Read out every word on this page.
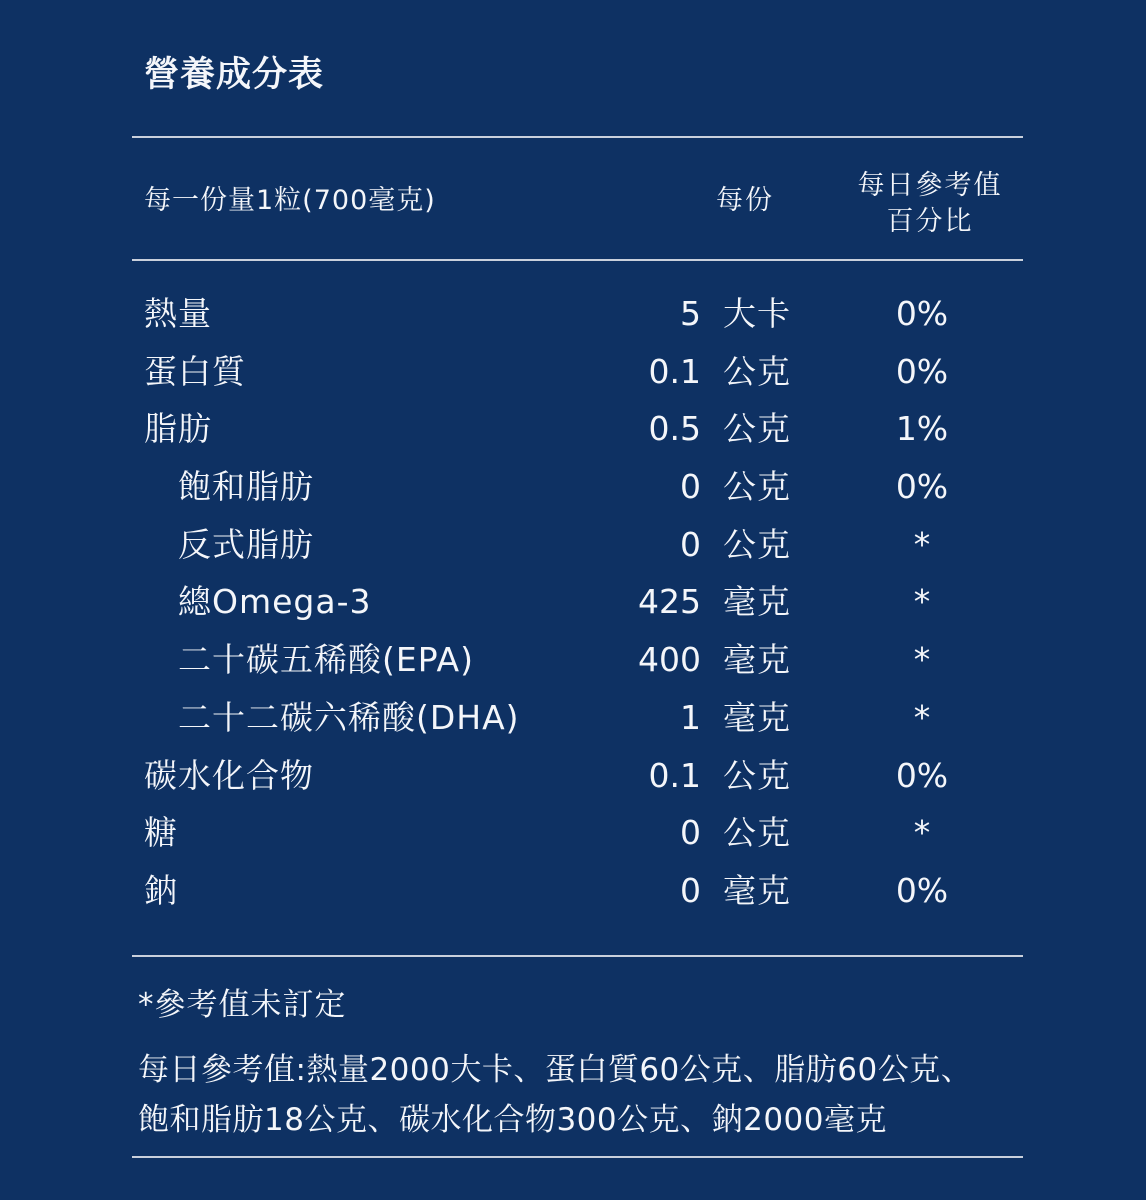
營養成分表
每一份量1粒(700毫克)	每份	每日參考值
百分比
熱量	5 大卡	0%
蛋白質	0.1 公克	0%
脂肪	0.5 公克	1%
飽和脂肪	0 公克	0%
反式脂肪	0 公克	*
總Omega-3	425 毫克	*
二十碳五稀酸(EPA)	400 毫克	*
二十二碳六稀酸(DHA)	1 毫克	*
碳水化合物	0.1 公克	0%
糖	0 公克	*
鈉	0 毫克	0%
*參考值未訂定
每日參考值:熱量2000大卡、蛋白質60公克、脂肪60公克、
飽和脂肪18公克、碳水化合物300公克、鈉2000毫克
